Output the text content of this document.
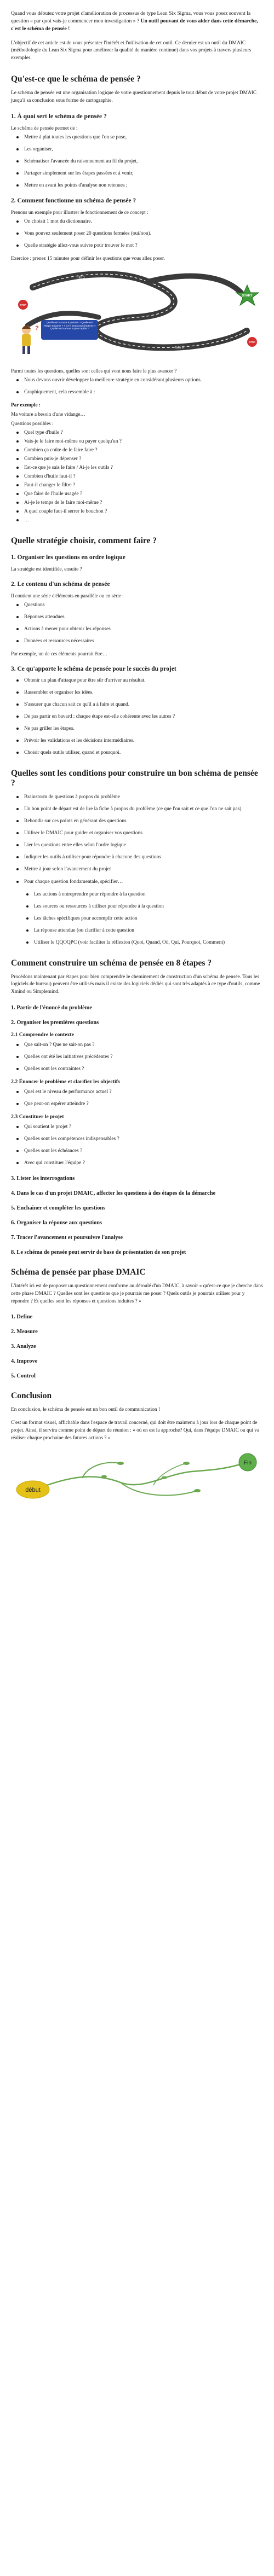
Quand vous débutez votre projet d'amélioration de processus de type Lean Six Sigma, vous vous posez souvent la question « par quoi vais-je commencer mon investigation » ? Un outil pouvant de vous aider dans cette démarche, c'est le schéma de pensée !

L'objectif de cet article est de vous présenter l'intérêt et l'utilisation de cet outil. Ce dernier est un outil du DMAIC (méthodologie du Lean Six Sigma pour améliorer la qualité de manière continue) dans vos projets à travers plusieurs exemples.

Qu'est-ce que le schéma de pensée ?

Le schéma de pensée est une organisation logique de votre questionnement depuis le tout début de votre projet DMAIC jusqu'à sa conclusion sous forme de cartographie.

1. À quoi sert le schéma de pensée ?

Le schéma de pensée permet de :

Mettre à plat toutes les questions que l'on se pose,
Les organiser,
Schématiser l'avancée du raisonnement au fil du projet,
Partager simplement sur les étapes passées et à venir,
Mettre en avant les points d'analyse non retenues ;
2. Comment fonctionne un schéma de pensée ?

Prenons un exemple pour illustrer le fonctionnement de ce concept :

On choisit 1 mot du dictionnaire.
Vous pouvez seulement poser 20 questions fermées (oui/non).
Quelle stratégie allez-vous suivre pour trouver le mot ?

Exercice : prenez 15 minutes pour définir les questions que vous allez poser.

START
STOP
STOP
tuto 1
tuto 2
tuto 3
Quelle est la route à prendre ? Quelle est l'étape suivante ? Y a-t-il beaucoup d'options ? Quelle est la route la plus rapide ?
?

Parmi toutes les questions, quelles sont celles qui vont nous faire le plus avancer ?

Nous devons ouvrir développer la meilleure stratégie en considérant plusieurs options.
Graphiquement, cela ressemble à :

Par exemple :

Ma voiture a besoin d'une vidange…

Questions possibles :

Quel type d'huile ?
Vais-je le faire moi-même ou payer quelqu'un ?
Combien ça coûte de le faire faire ?
Combien puis-je dépenser ?
Est-ce que je sais le faire / Ai-je les outils ?
Combien d'huile faut-il ?
Faut-il changer le filtre ?
Que faire de l'huile usagée ?
Ai-je le temps de le faire moi-même ?
A quel couple faut-il serrer le bouchon ?
…
Quelle stratégie choisir, comment faire ?
1. Organiser les questions en ordre logique

La stratégie est identifiée, ensuite ?

2. Le contenu d'un schéma de pensée

Il contient une série d'éléments en parallèle ou en série :

Questions
Réponses attendues
Actions à mener pour obtenir les réponses
Données et ressources nécessaires

Par exemple, un de ces éléments pourrait être…

3. Ce qu'apporte le schéma de pensée pour le succès du projet
Obtenir un plan d'attaque pour être sûr d'arriver au résultat.
Rassembler et organiser les idées.
S'assurer que chacun sait ce qu'il a à faire et quand.
De pas partir en bavard : chaque étape est-elle cohérente avec les autres ?
Ne pas griller les étapes.
Prévoir les validations et les décisions intermédiaires.
Choisir quels outils utiliser, quand et pourquoi.
Quelles sont les conditions pour construire un bon schéma de pensée ?
Brainstorm de questions à propos du problème
Un bon point de départ est de lire la fiche à propos du problème (ce que l'on sait et ce que l'on ne sait pas)
Rebondir sur ces points en générant des questions
Utiliser le DMAIC pour guider et organiser vos questions
Lier les questions entre elles selon l'ordre logique
Indiquer les outils à utiliser pour répondre à chacune des questions
Mettre à jour selon l'avancement du projet
Pour chaque question fondamentale, spécifier…
Les actions à entreprendre pour répondre à la question
Les sources ou ressources à utiliser pour répondre à la question
Les tâches spécifiques pour accomplir cette action
La réponse attendue (ou clarifier à cette question
Utiliser le QQOQPC (voir faciliter la réflexion (Quoi, Quand, Où, Qui, Pourquoi, Comment)
Comment construire un schéma de pensée en 8 étapes ?

Procédons maintenant par étapes pour bien comprendre le cheminement de construction d'un schéma de pensée. Tous les logiciels de bureau) peuvent être utilisés mais il existe des logiciels dédiés qui sont très adaptés à ce type d'outils, comme Xmind ou Simplemind.

1. Partir de l'énoncé du problème

2. Organiser les premières questions

2.1 Comprendre le contexte
Que sait-on ? Que ne sait-on pas ?
Quelles ont été les initiatives précédentes ?
Quelles sont les contraintes ?
2.2 Énoncer le problème et clarifiez les objectifs
Quel est le niveau de performance actuel ?
Que peut-on espérer atteindre ?
2.3 Constituer le projet
Qui soutient le projet ?
Quelles sont les compétences indispensables ?
Quelles sont les échéances ?
Avec qui constituer l'équipe ?

3. Lister les interrogations

4. Dans le cas d'un projet DMAIC, affecter les questions à des étapes de la démarche

5. Enchaîner et compléter les questions

6. Organiser la réponse aux questions

7. Tracer l'avancement et poursuivre l'analyse

8. Le schéma de pensée peut servir de base de présentation de son projet

Schéma de pensée par phase DMAIC

L'intérêt ici est de proposer un questionnement conforme au déroulé d'un DMAIC, à savoir « qu'est-ce que je cherche dans cette phase DMAIC ? Quelles sont les questions que je pourrais me poser ? Quels outils je pourrais utiliser pour y répondre ? Et quelles sont les réponses et questions induites ? »

1. Define

2. Measure

3. Analyze

4. Improve

5. Control

Conclusion

En conclusion, le schéma de pensée est un bon outil de communication !

C'est un format visuel, affichable dans l'espace de travail concerné, qui doit être maintenu à jour lors de chaque point de projet. Ainsi, il servira comme point de départ de réunion : « où en est la approche? Qui, dans l'équipe DMAIC ou qui va réaliser chaque prochaine des futures actions ? »

début
Fin
